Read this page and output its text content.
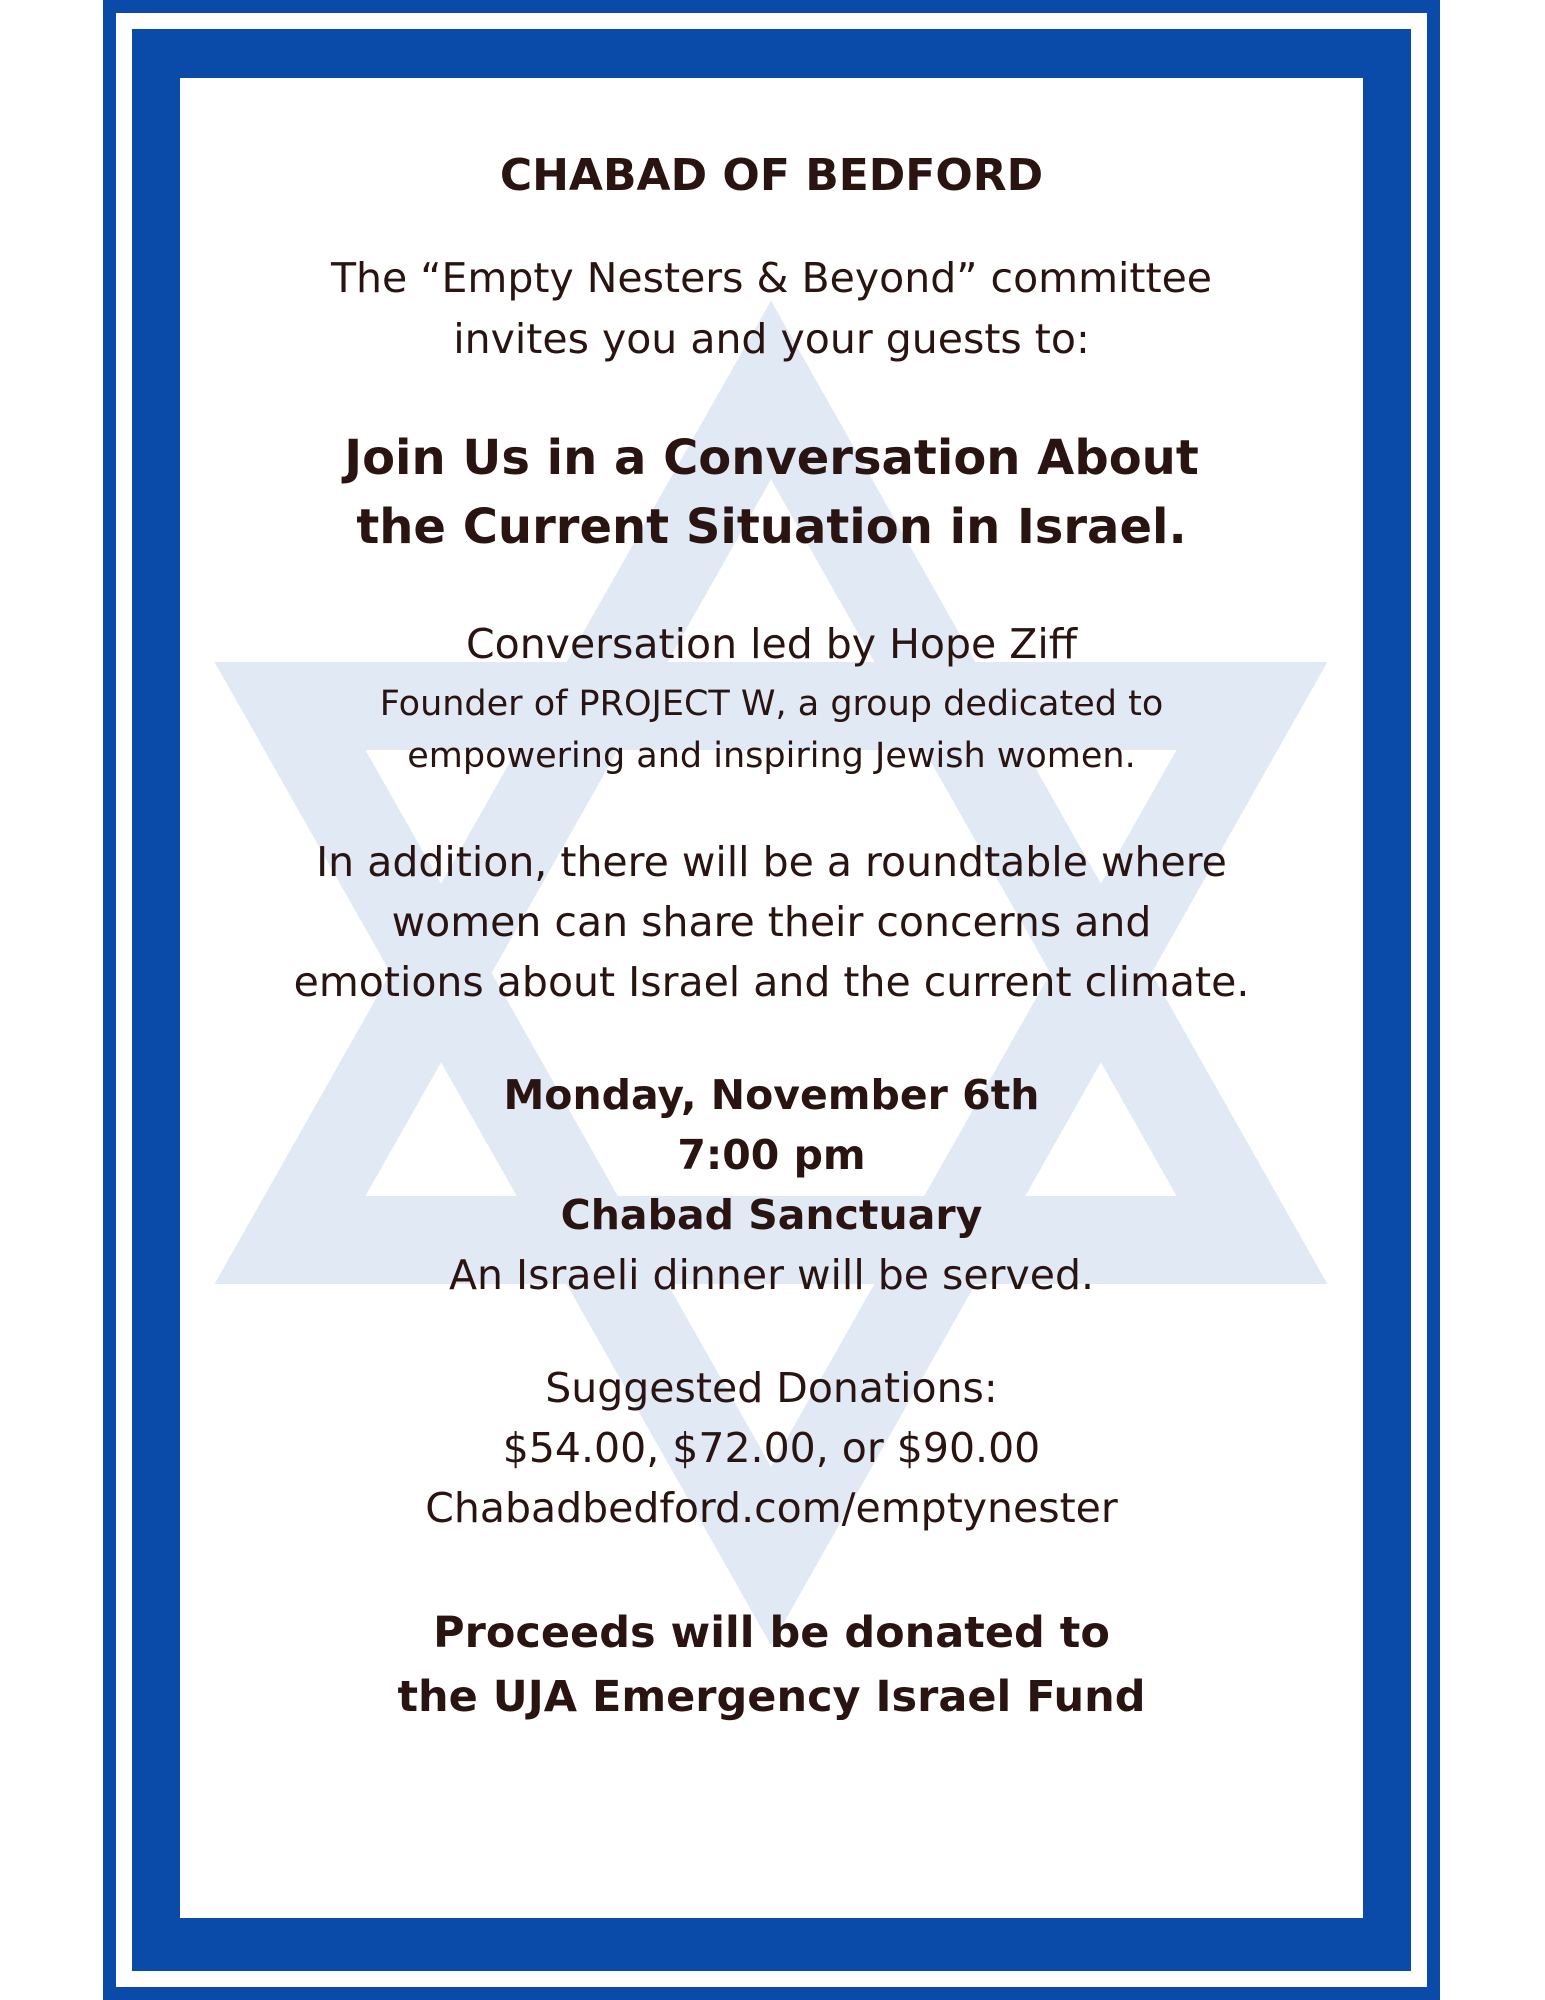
CHABAD OF BEDFORD
The “Empty Nesters & Beyond” committee
invites you and your guests to:
Join Us in a Conversation About
the Current Situation in Israel.
Conversation led by Hope Ziff
Founder of PROJECT W, a group dedicated to
empowering and inspiring Jewish women.
In addition, there will be a roundtable where
women can share their concerns and
emotions about Israel and the current climate.
Monday, November 6th
7:00 pm
Chabad Sanctuary
An Israeli dinner will be served.
Suggested Donations:
$54.00, $72.00, or $90.00
Chabadbedford.com/emptynester
Proceeds will be donated to
the UJA Emergency Israel Fund
